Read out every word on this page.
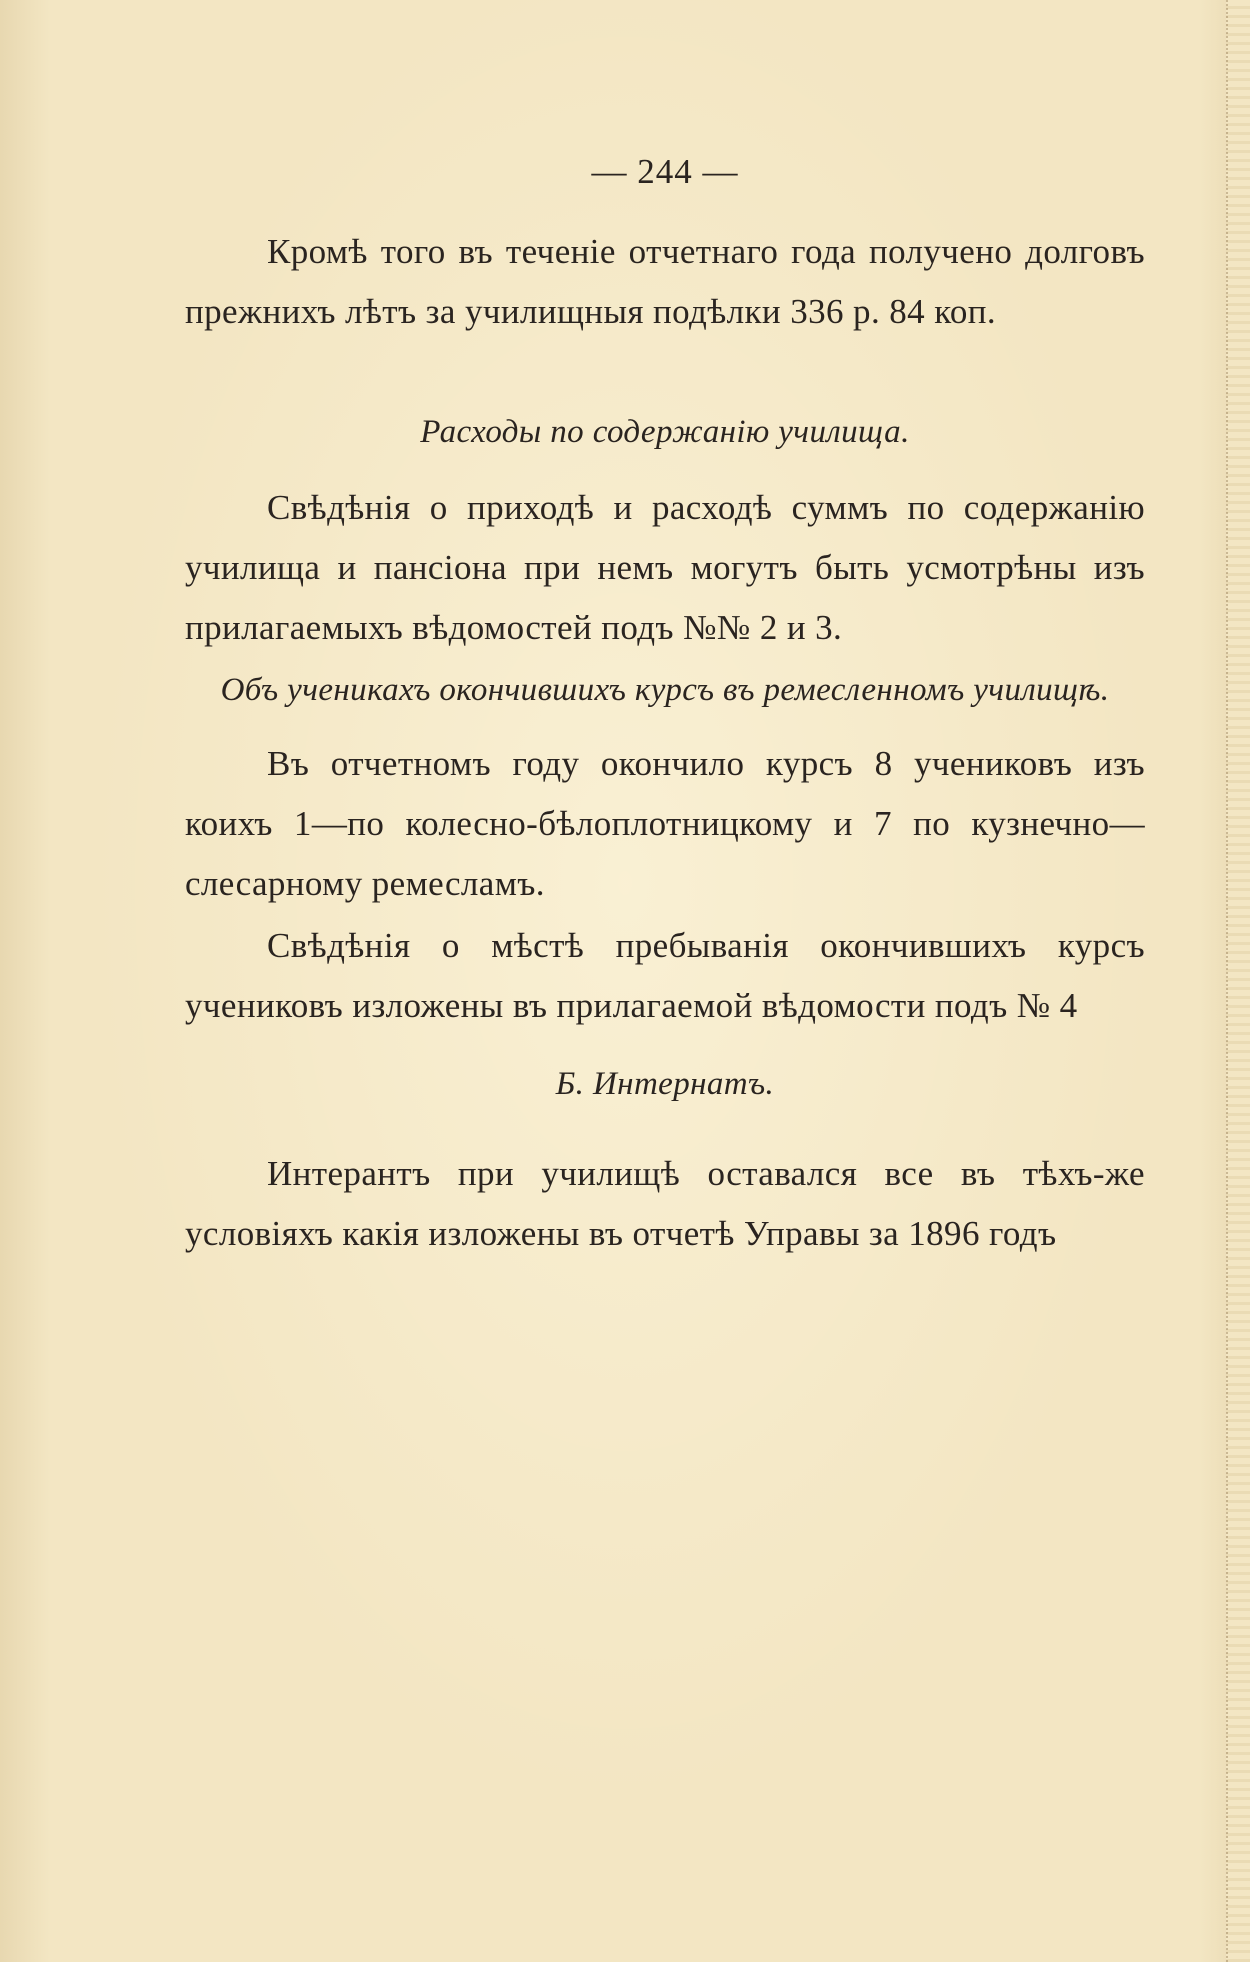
— 244 —

Кромѣ того въ теченіе отчетнаго года получено долговъ прежнихъ лѣтъ за училищныя подѣлки 336 р. 84 коп.

Расходы по содержанію училища.

Свѣдѣнія о приходѣ и расходѣ суммъ по содержанію училища и пансіона при немъ могутъ быть усмотрѣны изъ прилагаемыхъ вѣдомостей подъ №№ 2 и 3.

Объ ученикахъ окончившихъ курсъ въ ремесленномъ училищѣ.

Въ отчетномъ году окончило курсъ 8 учениковъ изъ коихъ 1—по колесно-бѣлоплотницкому и 7 по кузнечно—слесарному ремесламъ.

Свѣдѣнія о мѣстѣ пребыванія окончившихъ курсъ учениковъ изложены въ прилагаемой вѣдомости подъ № 4

Б. Интернатъ.

Интерантъ при училищѣ оставался все въ тѣхъ-же условіяхъ какія изложены въ отчетѣ Управы за 1896 годъ
